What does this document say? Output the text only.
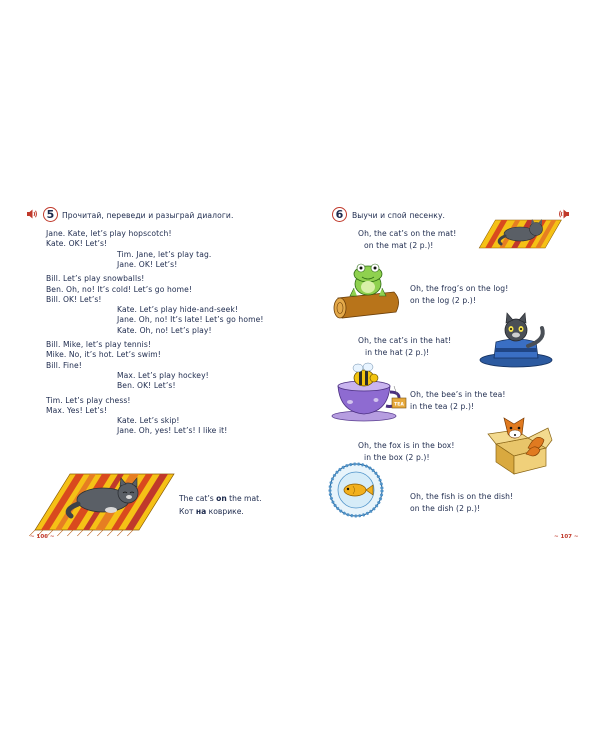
5	Прочитай, переведи и разыграй диалоги.
Jane. Kate, let’s play hopscotch!
Kate. OK! Let’s!
Tim. Jane, let’s play tag.
Jane. OK! Let’s!
Bill. Let’s play snowballs!
Ben. Oh, no! It’s cold! Let’s go home!
Bill. OK! Let’s!
Kate. Let’s play hide-and-seek!
Jane. Oh, no! It’s late! Let’s go home!
Kate. Oh, no! Let’s play!
Bill. Mike, let’s play tennis!
Mike. No, it’s hot. Let’s swim!
Bill. Fine!
Max. Let’s play hockey!
Ben. OK! Let’s!
Tim. Let’s play chess!
Max. Yes! Let’s!
Kate. Let’s skip!
Jane. Oh, yes! Let’s! I like it!
The cat’s on the mat.
Кот на коврике.
~ 106 ~
6	Выучи и спой песенку.
Oh, the cat’s on the mat!
on the mat (2 p.)!
Oh, the frog’s on the log!
on the log (2 p.)!
Oh, the cat’s in the hat!
in the hat (2 p.)!
Oh, the bee’s in the tea!
in the tea (2 p.)!
Oh, the fox is in the box!
in the box (2 p.)!
Oh, the fish is on the dish!
on the dish (2 p.)!
TEA
~ 107 ~
